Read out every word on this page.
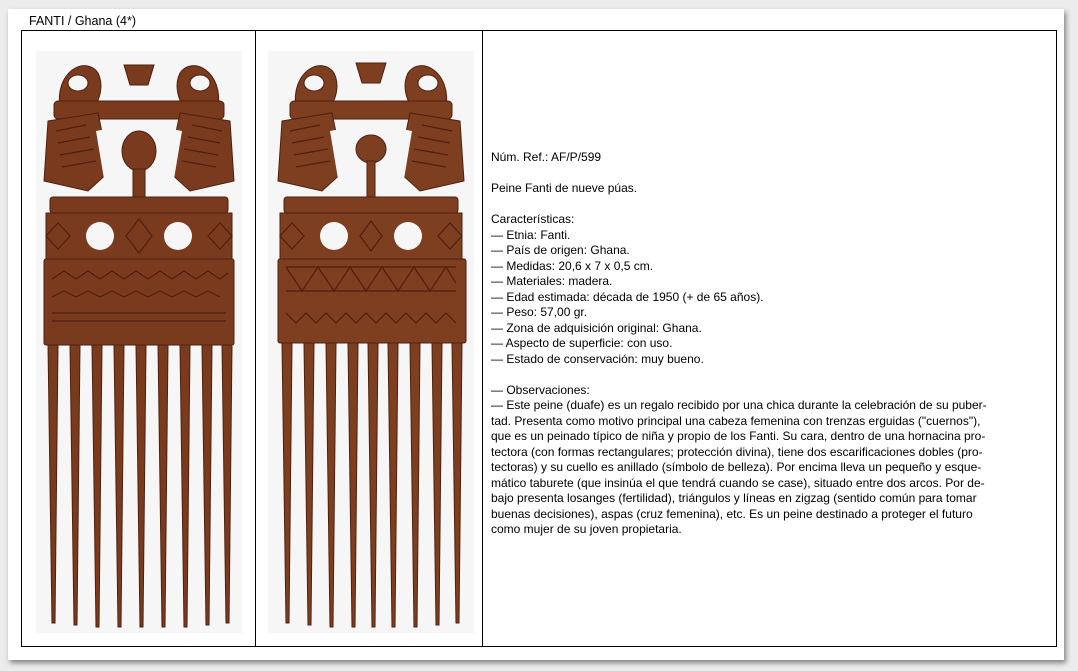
FANTI / Ghana (4*)

Núm. Ref.: AF/P/599

Peine Fanti de nueve púas.

Características:

— Etnia: Fanti.

— País de origen: Ghana.

— Medidas: 20,6 x 7 x 0,5 cm.

— Materiales: madera.

— Edad estimada: década de 1950 (+ de 65 años).

— Peso: 57,00 gr.

— Zona de adquisición original: Ghana.

— Aspecto de superficie: con uso.

— Estado de conservación: muy bueno.

— Observaciones:

— Este peine (duafe) es un regalo recibido por una chica durante la celebración de su puber-

tad. Presenta como motivo principal una cabeza femenina con trenzas erguidas ("cuernos"),

que es un peinado típico de niña y propio de los Fanti. Su cara, dentro de una hornacina pro-

tectora (con formas rectangulares; protección divina), tiene dos escarificaciones dobles (pro-

tectoras) y su cuello es anillado (símbolo de belleza). Por encima lleva un pequeño y esque-

mático taburete (que insinúa el que tendrá cuando se case), situado entre dos arcos. Por de-

bajo presenta losanges (fertilidad), triángulos y líneas en zigzag (sentido común para tomar

buenas decisiones), aspas (cruz femenina), etc. Es un peine destinado a proteger el futuro

como mujer de su joven propietaria.
